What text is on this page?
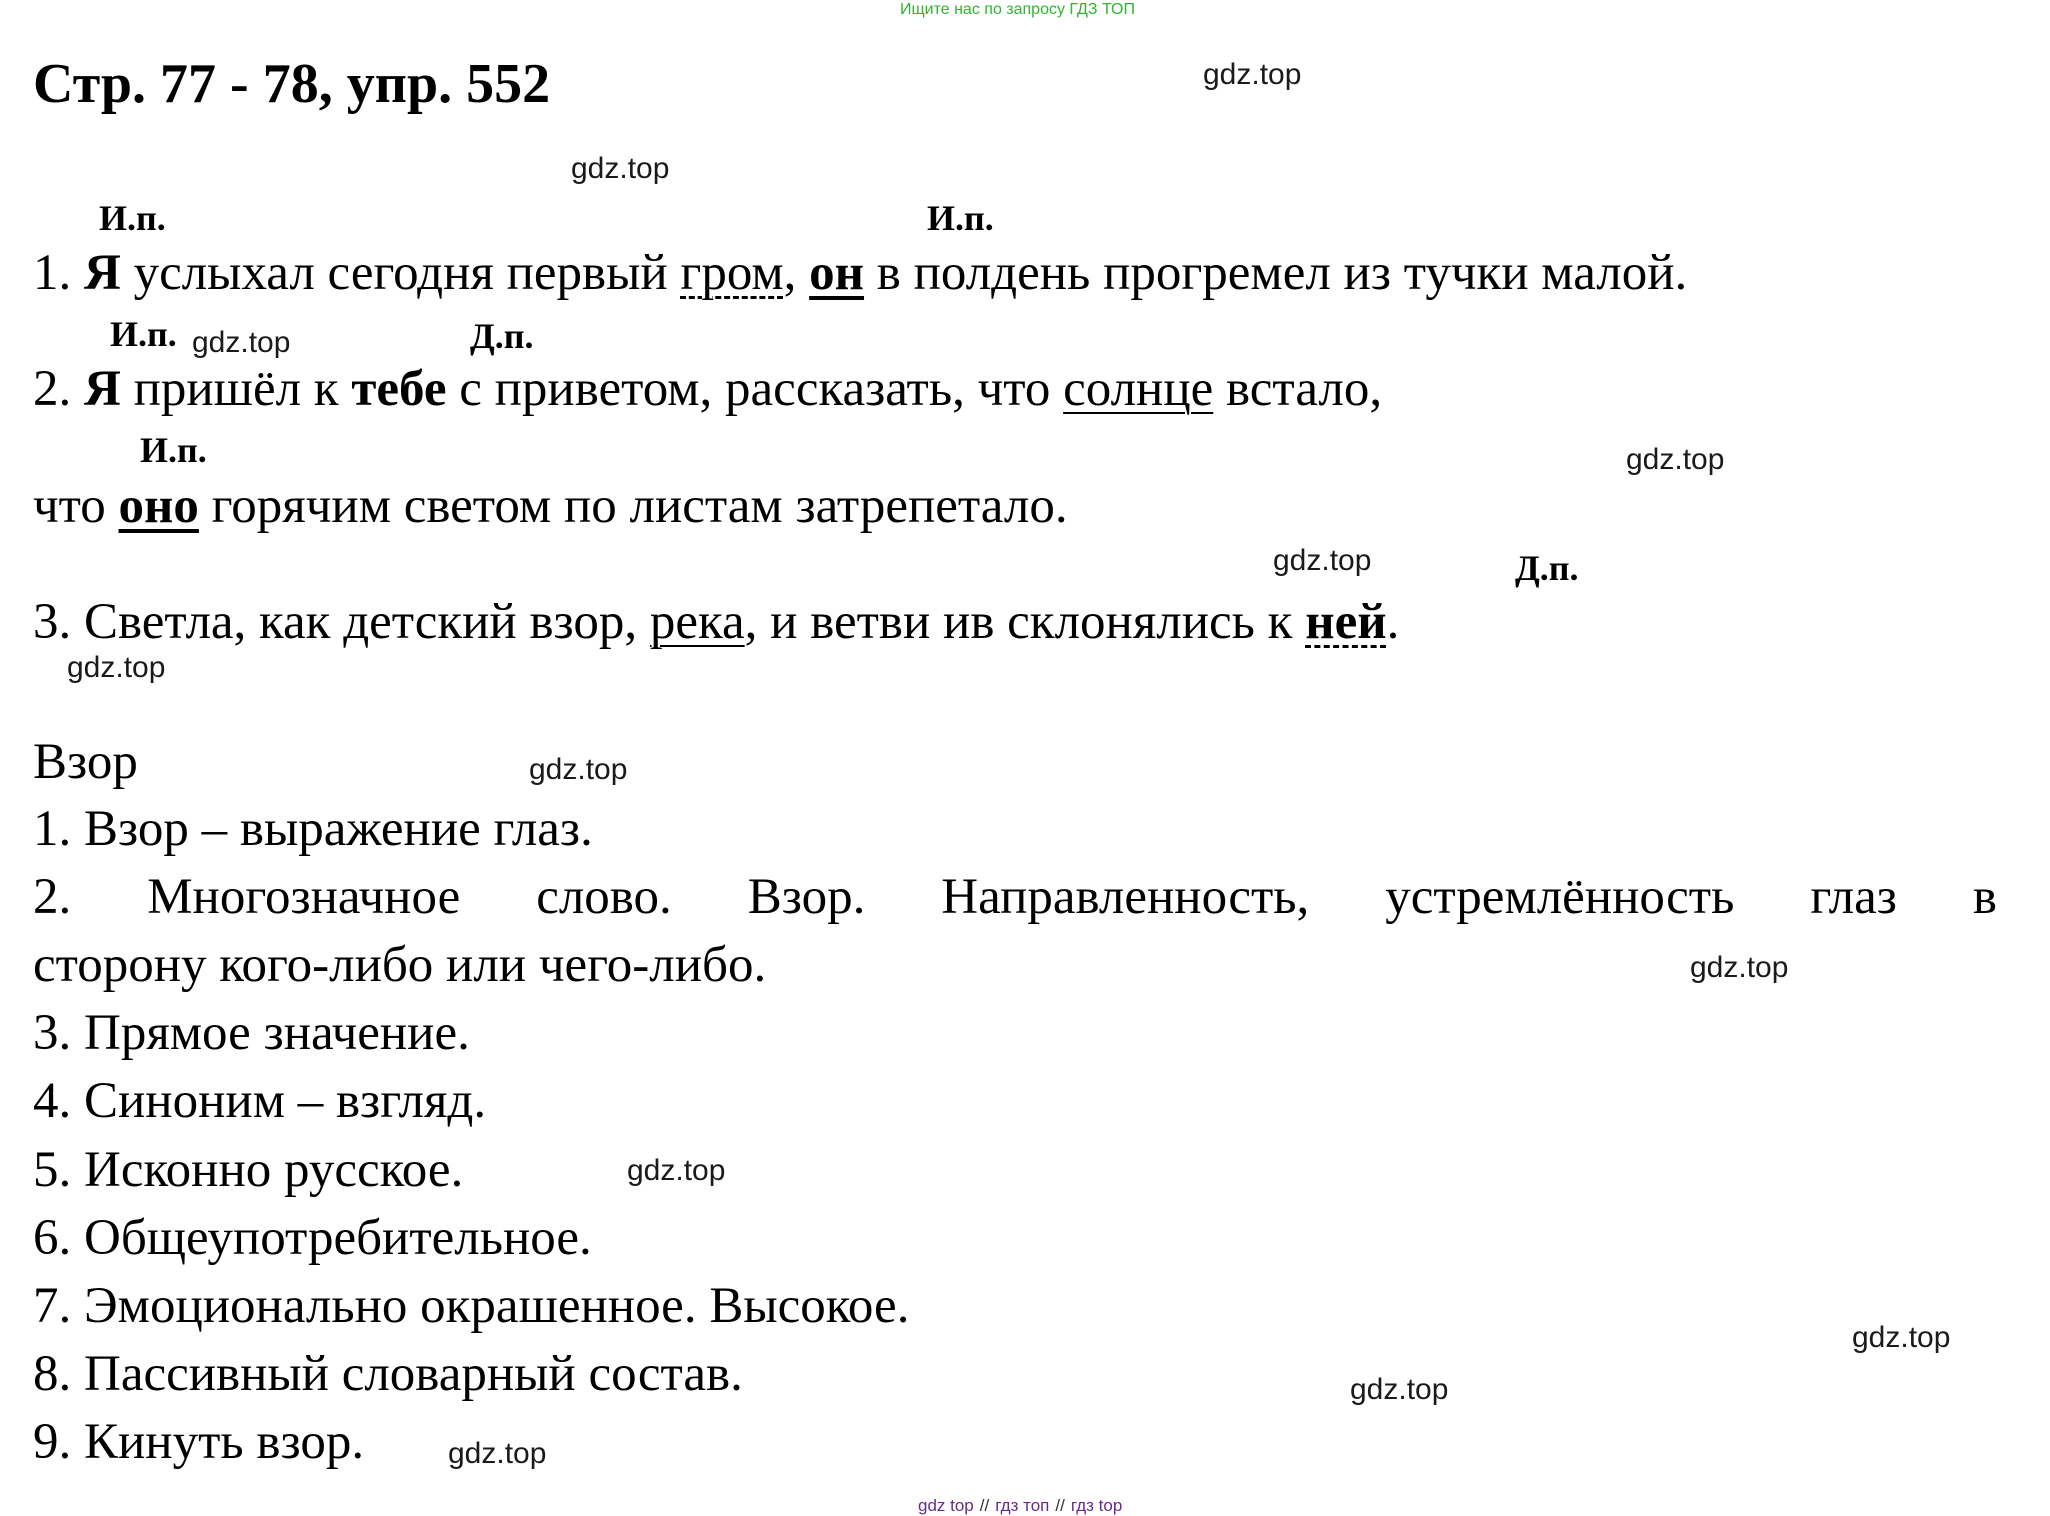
Ищите нас по запросу ГДЗ ТОП
Стр. 77 - 78, упр. 552	gdz.top
gdz.top
gdz.top
gdz.top
gdz.top
gdz.top
gdz.top
gdz.top
gdz.top
gdz.top
gdz.top
gdz.top
И.п.	И.п.
И.п.	Д.п.
И.п.
Д.п.
1. Я услыхал сегодня первый гром, он в полдень прогремел из тучки малой.
2. Я пришёл к тебе с приветом, рассказать, что солнце встало,
что оно горячим светом по листам затрепетало.
3. Светла, как детский взор, река, и ветви ив склонялись к ней.
Взор
1. Взор – выражение глаз.
2. Многозначное слово. Взор. Направленность, устремлённость глаз в
сторону кого-либо или чего-либо.
3. Прямое значение.
4. Синоним – взгляд.
5. Исконно русское.
6. Общеупотребительное.
7. Эмоционально окрашенное. Высокое.
8. Пассивный словарный состав.
9. Кинуть взор.
gdz top // гдз топ // гдз top
